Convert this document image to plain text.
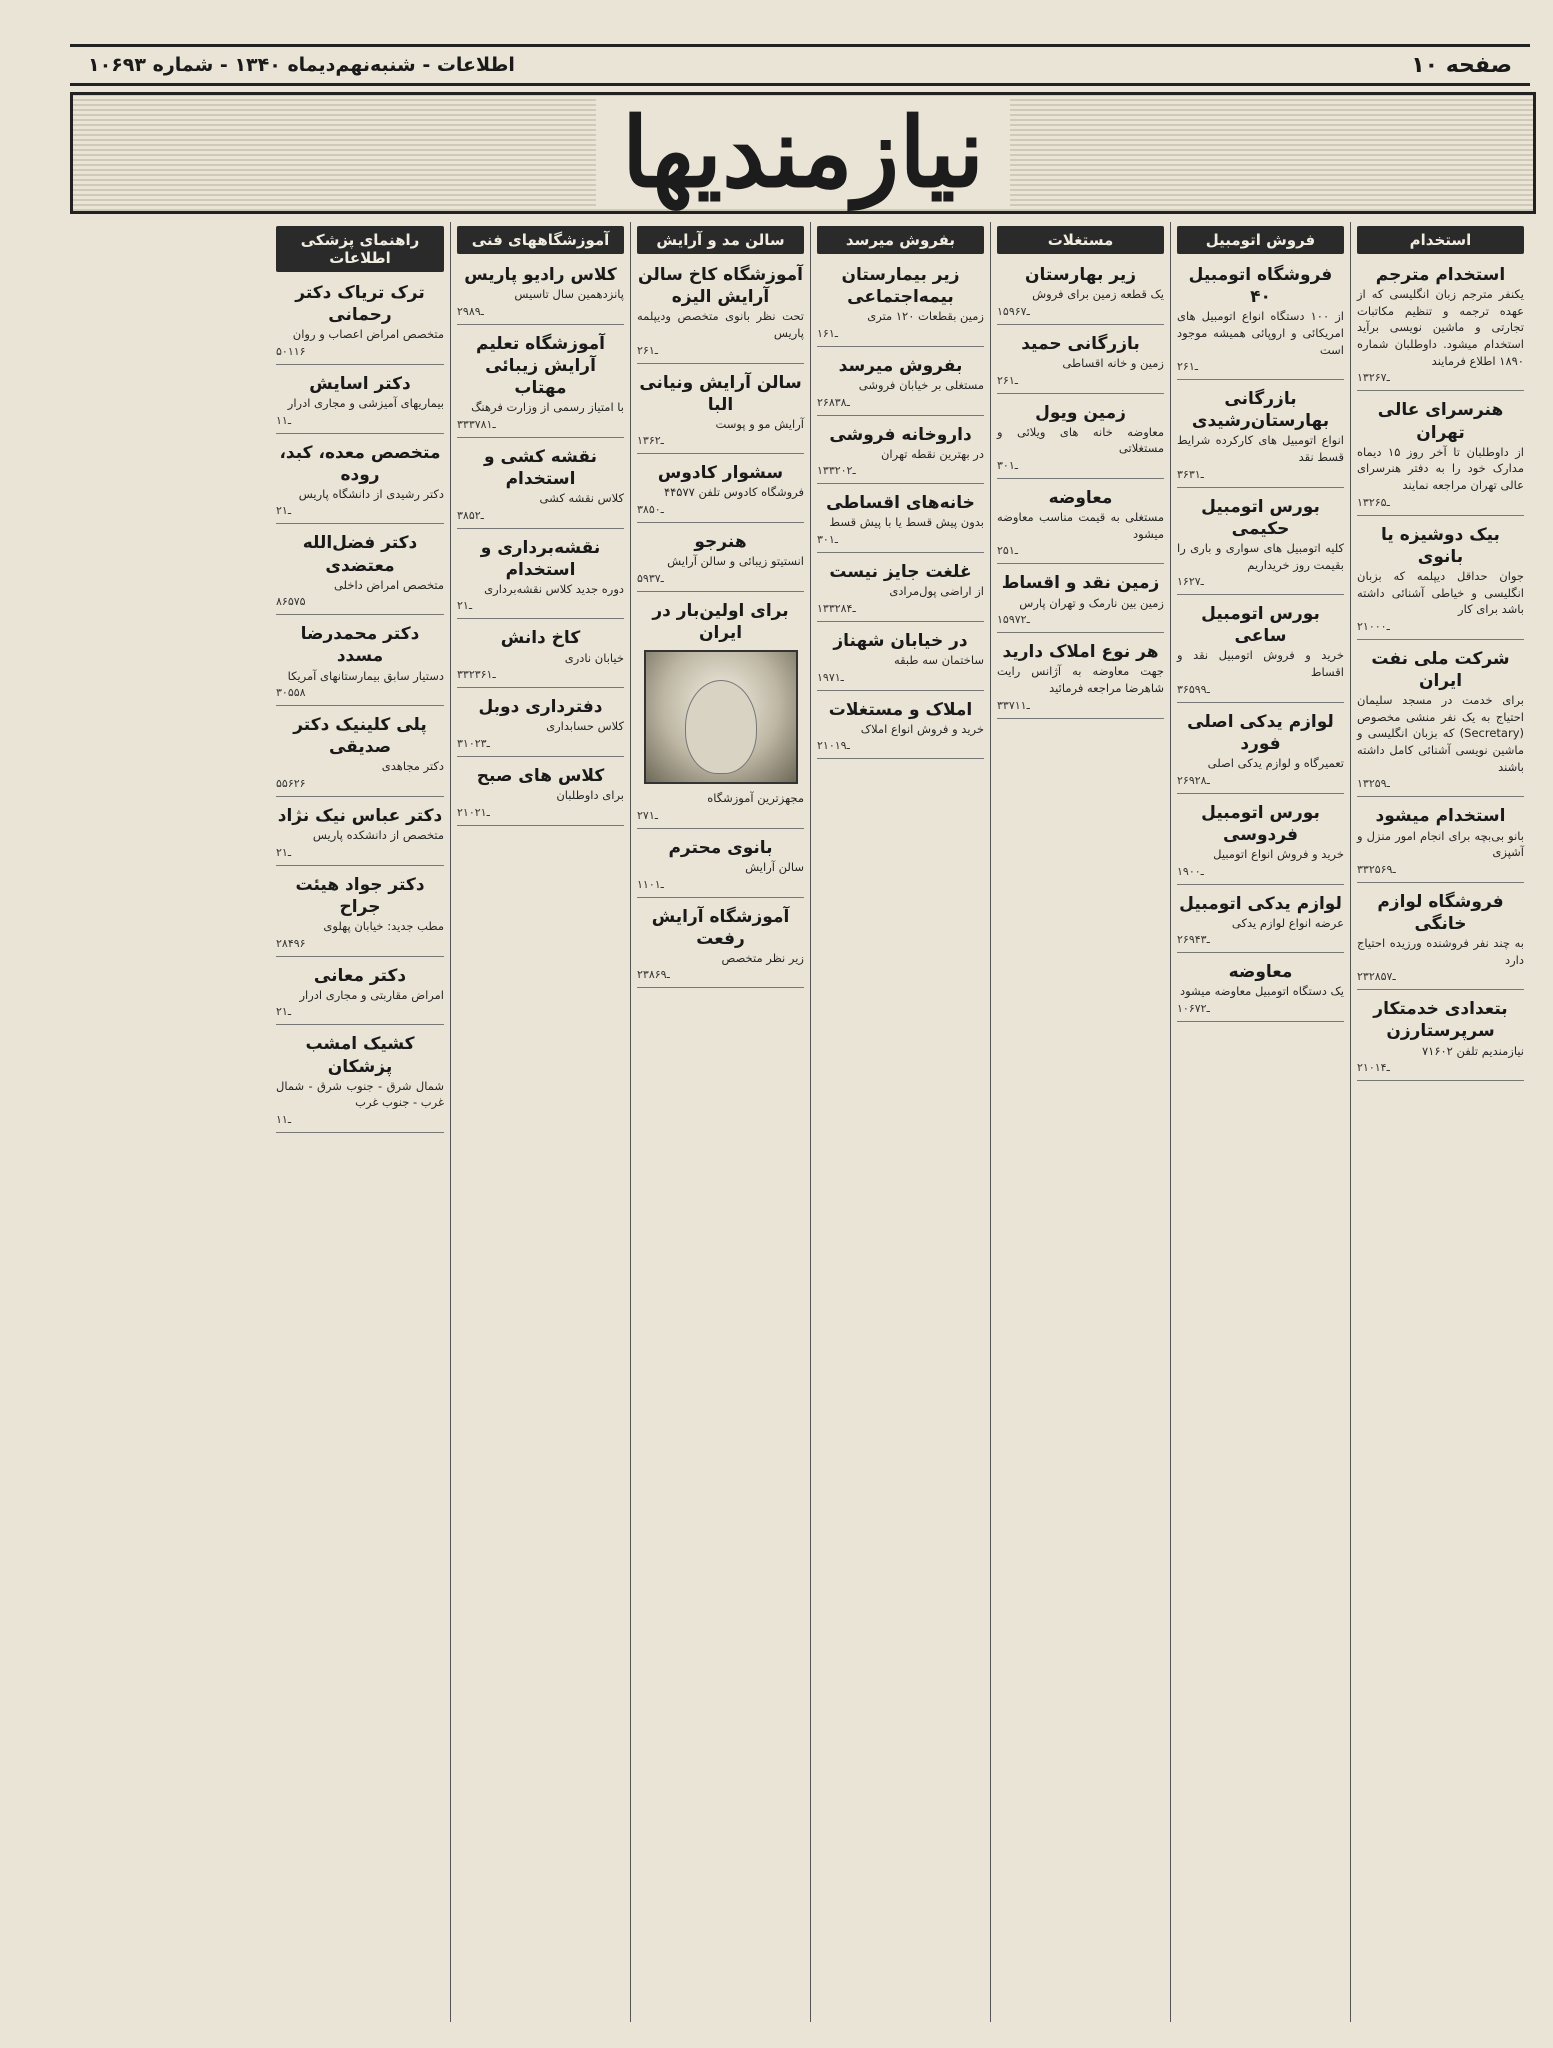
صفحه ۱۰
اطلاعات - شنبه‌نهم‌دیماه ۱۳۴۰ - شماره ۱۰۶۹۳
نیازمندیها
استخدام
استخدام مترجم
یکنفر مترجم زبان انگلیسی که از عهده ترجمه و تنظیم مکاتبات تجارتی و ماشین نویسی برآید استخدام میشود. داوطلبان شماره ۱۸۹۰ اطلاع فرمایند
۱ـ۳۲۶۷
هنرسرای عالی تهران
از داوطلبان تا آخر روز ۱۵ دیماه مدارک خود را به دفتر هنرسرای عالی تهران مراجعه نمایند
۱ـ۳۲۶۵
بیک دوشیزه یا بانوی
جوان حداقل دیپلمه که بزبان انگلیسی و خیاطی آشنائی داشته باشد برای کار
۲ـ۱۰۰۰
شرکت ملی نفت ایران
برای خدمت در مسجد سلیمان احتیاج به یک نفر منشی مخصوص (Secretary) که بزبان انگلیسی و ماشین نویسی آشنائی کامل داشته باشند
۱ـ۳۲۵۹
استخدام میشود
بانو بی‌بچه برای انجام امور منزل و آشپزی
۳ـ۳۲۵۶۹
فروشگاه لوازم خانگی
به چند نفر فروشنده ورزیده احتیاج دارد
۲ـ۳۲۸۵۷
بتعدادی خدمتکار سرپرستارزن
نیازمندیم تلفن ۷۱۶۰۲
۲ـ۱۰۱۴
فروش اتومبیل
فروشگاه اتومبیل ۴۰
از ۱۰۰ دستگاه انواع اتومبیل های امریکائی و اروپائی همیشه موجود است
۲۶ـ۱
بازرگانی بهارستان‌رشیدی
انواع اتومبیل های کارکرده شرایط قسط نقد
۳ـ۶۳۱
بورس اتومبیل حکیمی
کلیه اتومبیل های سواری و باری را بقیمت روز خریداریم
۱۶ـ۲۷
بورس اتومبیل ساعی
خرید و فروش اتومبیل نقد و اقساط
۳۶ـ۵۹۹
لوازم یدکی اصلی فورد
تعمیرگاه و لوازم یدکی اصلی
۲۶ـ۹۲۸
بورس اتومبیل فردوسی
خرید و فروش انواع اتومبیل
۱ـ۹۰۰
لوازم یدکی اتومبیل
عرضه انواع لوازم یدکی
۲۶ـ۹۴۳
معاوضه
یک دستگاه اتومبیل معاوضه میشود
۱۰۶۷ـ۲
مستغلات
زیر بهارستان
یک قطعه زمین برای فروش
۱۵ـ۹۶۷
بازرگانی حمید
زمین و خانه اقساطی
۲۶ـ۱
زمین ویول
معاوضه خانه های ویلائی و مستغلاتی
۳۰ـ۱
معاوضه
مستغلی به قیمت مناسب معاوضه میشود
۲۵ـ۱
زمین نقد و اقساط
زمین بین نارمک و تهران پارس
۱۵ـ۹۷۲
هر نوع املاک دارید
جهت معاوضه به آژانس رایت شاهرضا مراجعه فرمائید
۳۳۷۱ـ۱
بفروش میرسد
زیر بیمارستان بیمه‌اجتماعی
زمین بقطعات ۱۲۰ متری
۱۶ـ۱
بفروش میرسد
مستغلی بر خیابان فروشی
۲۶ـ۸۳۸
داروخانه فروشی
در بهترین نقطه تهران
۱ـ۳۳۲۰۲
خانه‌های اقساطی
بدون پیش قسط یا با پیش قسط
۳۰ـ۱
غلغت جایز نیست
از اراضی پول‌مرادی
۱ـ۳۳۲۸۴
در خیابان شهناز
ساختمان سه طبقه
۱ـ۹۷۱
املاک و مستغلات
خرید و فروش انواع املاک
۲ـ۱۰۱۹
سالن مد و آرایش
آموزشگاه کاخ سالن آرایش الیزه
تحت نظر بانوی متخصص ودیپلمه پاریس
۲۶ـ۱
سالن آرایش ونیانی البا
آرایش مو و پوست
۱ـ۳۶۲
سشوار کادوس
فروشگاه کادوس تلفن ۴۴۵۷۷
۳ـ۸۵۰
هنرجو
انستیتو زیبائی و سالن آرایش
۵ـ۹۳۷
برای اولین‌بار در ایران
مجهزترین آموزشگاه
۲۷ـ۱
بانوی محترم
سالن آرایش
۱ـ۱۰۱
آموزشگاه آرایش رفعت
زیر نظر متخصص
۲۳ـ۸۶۹
آموزشگاههای فنی
کلاس رادیو پاریس
پانزدهمین سال تاسیس
۲ـ۹۸۹
آموزشگاه تعلیم آرایش زیبائی مهتاب
با امتیاز رسمی از وزارت فرهنگ
۳ـ۳۳۷۸۱
نقشه کشی و استخدام
کلاس نقشه کشی
۳ـ۸۵۲
نقشه‌برداری و استخدام
دوره جدید کلاس نقشه‌برداری
۲ـ۱
کاخ دانش
خیابان نادری
۳ـ۳۲۳۶۱
دفترداری دوبل
کلاس حسابداری
۳ـ۱۰۲۳
کلاس های صبح
برای داوطلبان
۲ـ۱۰۲۱
راهنمای پزشکی اطلاعات
ترک تریاک دکتر رحمانی
متخصص امراض اعصاب و روان
۵۰۱۱۶
دکتر اسایش
بیماریهای آمیزشی و مجاری ادرار
۱ـ۱
متخصص معده، کبد، روده
دکتر رشیدی از دانشگاه پاریس
۲ـ۱
دکتر فضل‌الله معتضدی
متخصص امراض داخلی
۸۶۵۷۵
دکتر محمدرضا مسدد
دستیار سابق بیمارستانهای آمریکا
۳۰۵۵۸
پلی کلینیک دکتر صدیقی
دکتر مجاهدی
۵۵۶۲۶
دکتر عباس نیک نژاد
متخصص از دانشکده پاریس
۲ـ۱
دکتر جواد هیئت جراح
مطب جدید: خیابان پهلوی
۲۸۴۹۶
دکتر معانی
امراض مقاربتی و مجاری ادرار
۲ـ۱
کشیک امشب پزشکان
شمال شرق - جنوب شرق - شمال غرب - جنوب غرب
۱ـ۱
